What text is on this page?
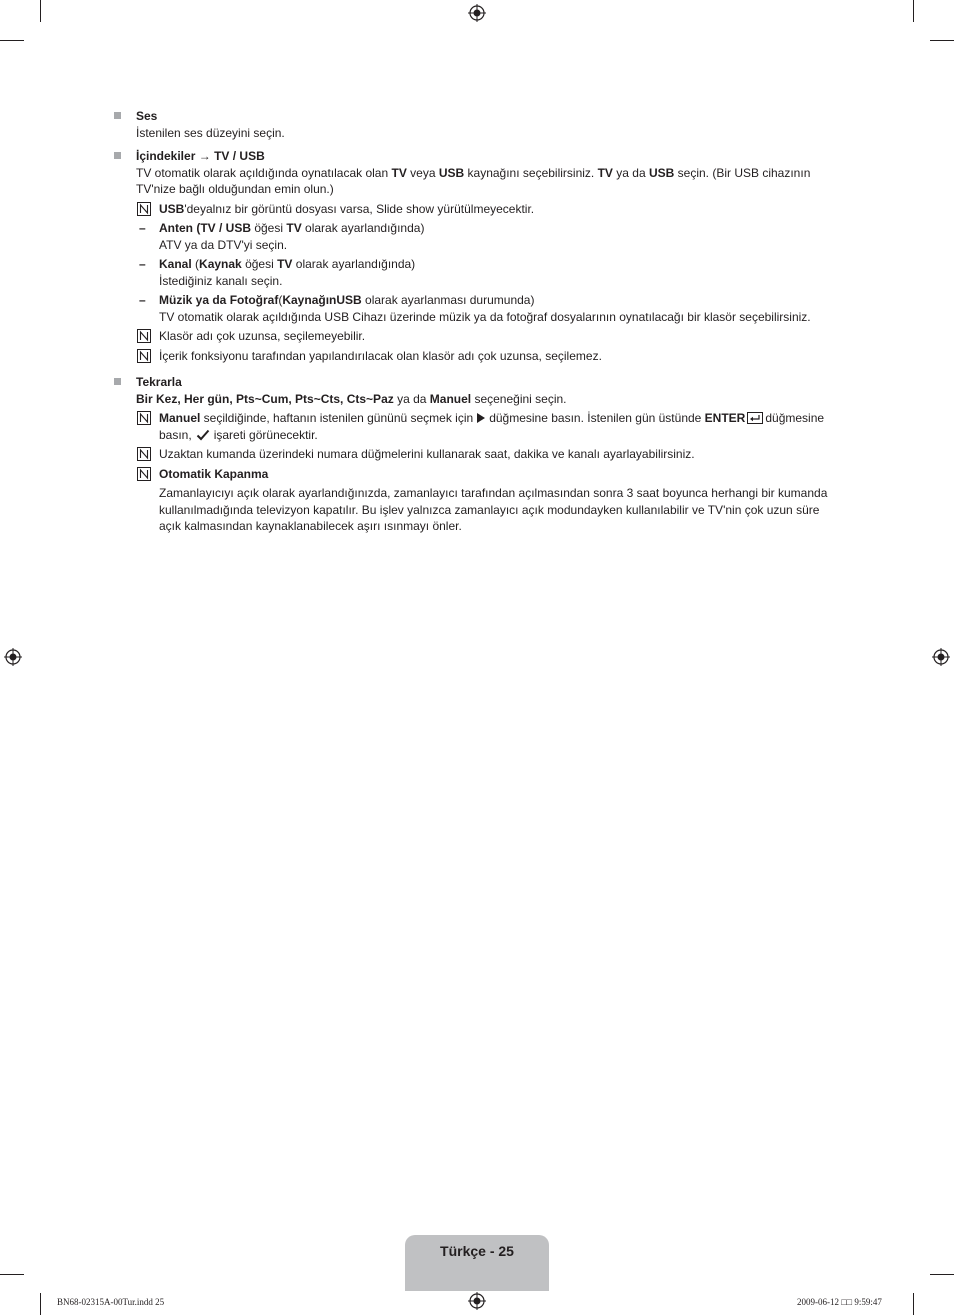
Ses
İstenilen ses düzeyini seçin.
İçindekiler → TV / USB
TV otomatik olarak açıldığında oynatılacak olan TV veya USB kaynağını seçebilirsiniz. TV ya da USB seçin. (Bir USB cihazının
TV'nize bağlı olduğundan emin olun.)
USB'deyalnız bir görüntü dosyası varsa, Slide show yürütülmeyecektir.
– Anten (TV / USB öğesi TV olarak ayarlandığında)
ATV ya da DTV'yi seçin.
– Kanal (Kaynak öğesi TV olarak ayarlandığında)
İstediğiniz kanalı seçin.
– Müzik ya da Fotoğraf(KaynağınUSB olarak ayarlanması durumunda)
TV otomatik olarak açıldığında USB Cihazı üzerinde müzik ya da fotoğraf dosyalarının oynatılacağı bir klasör seçebilirsiniz.
Klasör adı çok uzunsa, seçilemeyebilir.
İçerik fonksiyonu tarafından yapılandırılacak olan klasör adı çok uzunsa, seçilemez.
Tekrarla
Bir Kez, Her gün, Pts~Cum, Pts~Cts, Cts~Paz ya da Manuel seçeneğini seçin.
Manuel seçildiğinde, haftanın istenilen gününü seçmek için düğmesine basın. İstenilen gün üstünde ENTER düğmesine
basın, işareti görünecektir.
Uzaktan kumanda üzerindeki numara düğmelerini kullanarak saat, dakika ve kanalı ayarlayabilirsiniz.
Otomatik Kapanma
Zamanlayıcıyı açık olarak ayarlandığınızda, zamanlayıcı tarafından açılmasından sonra 3 saat boyunca herhangi bir kumanda kullanılmadığında televizyon kapatılır. Bu işlev yalnızca zamanlayıcı açık modundayken kullanılabilir ve TV'nin çok uzun süre açık kalmasından kaynaklanabilecek aşırı ısınmayı önler.
Türkçe - 25
BN68-02315A-00Tur.indd 25	2009-06-12 □□ 9:59:47
